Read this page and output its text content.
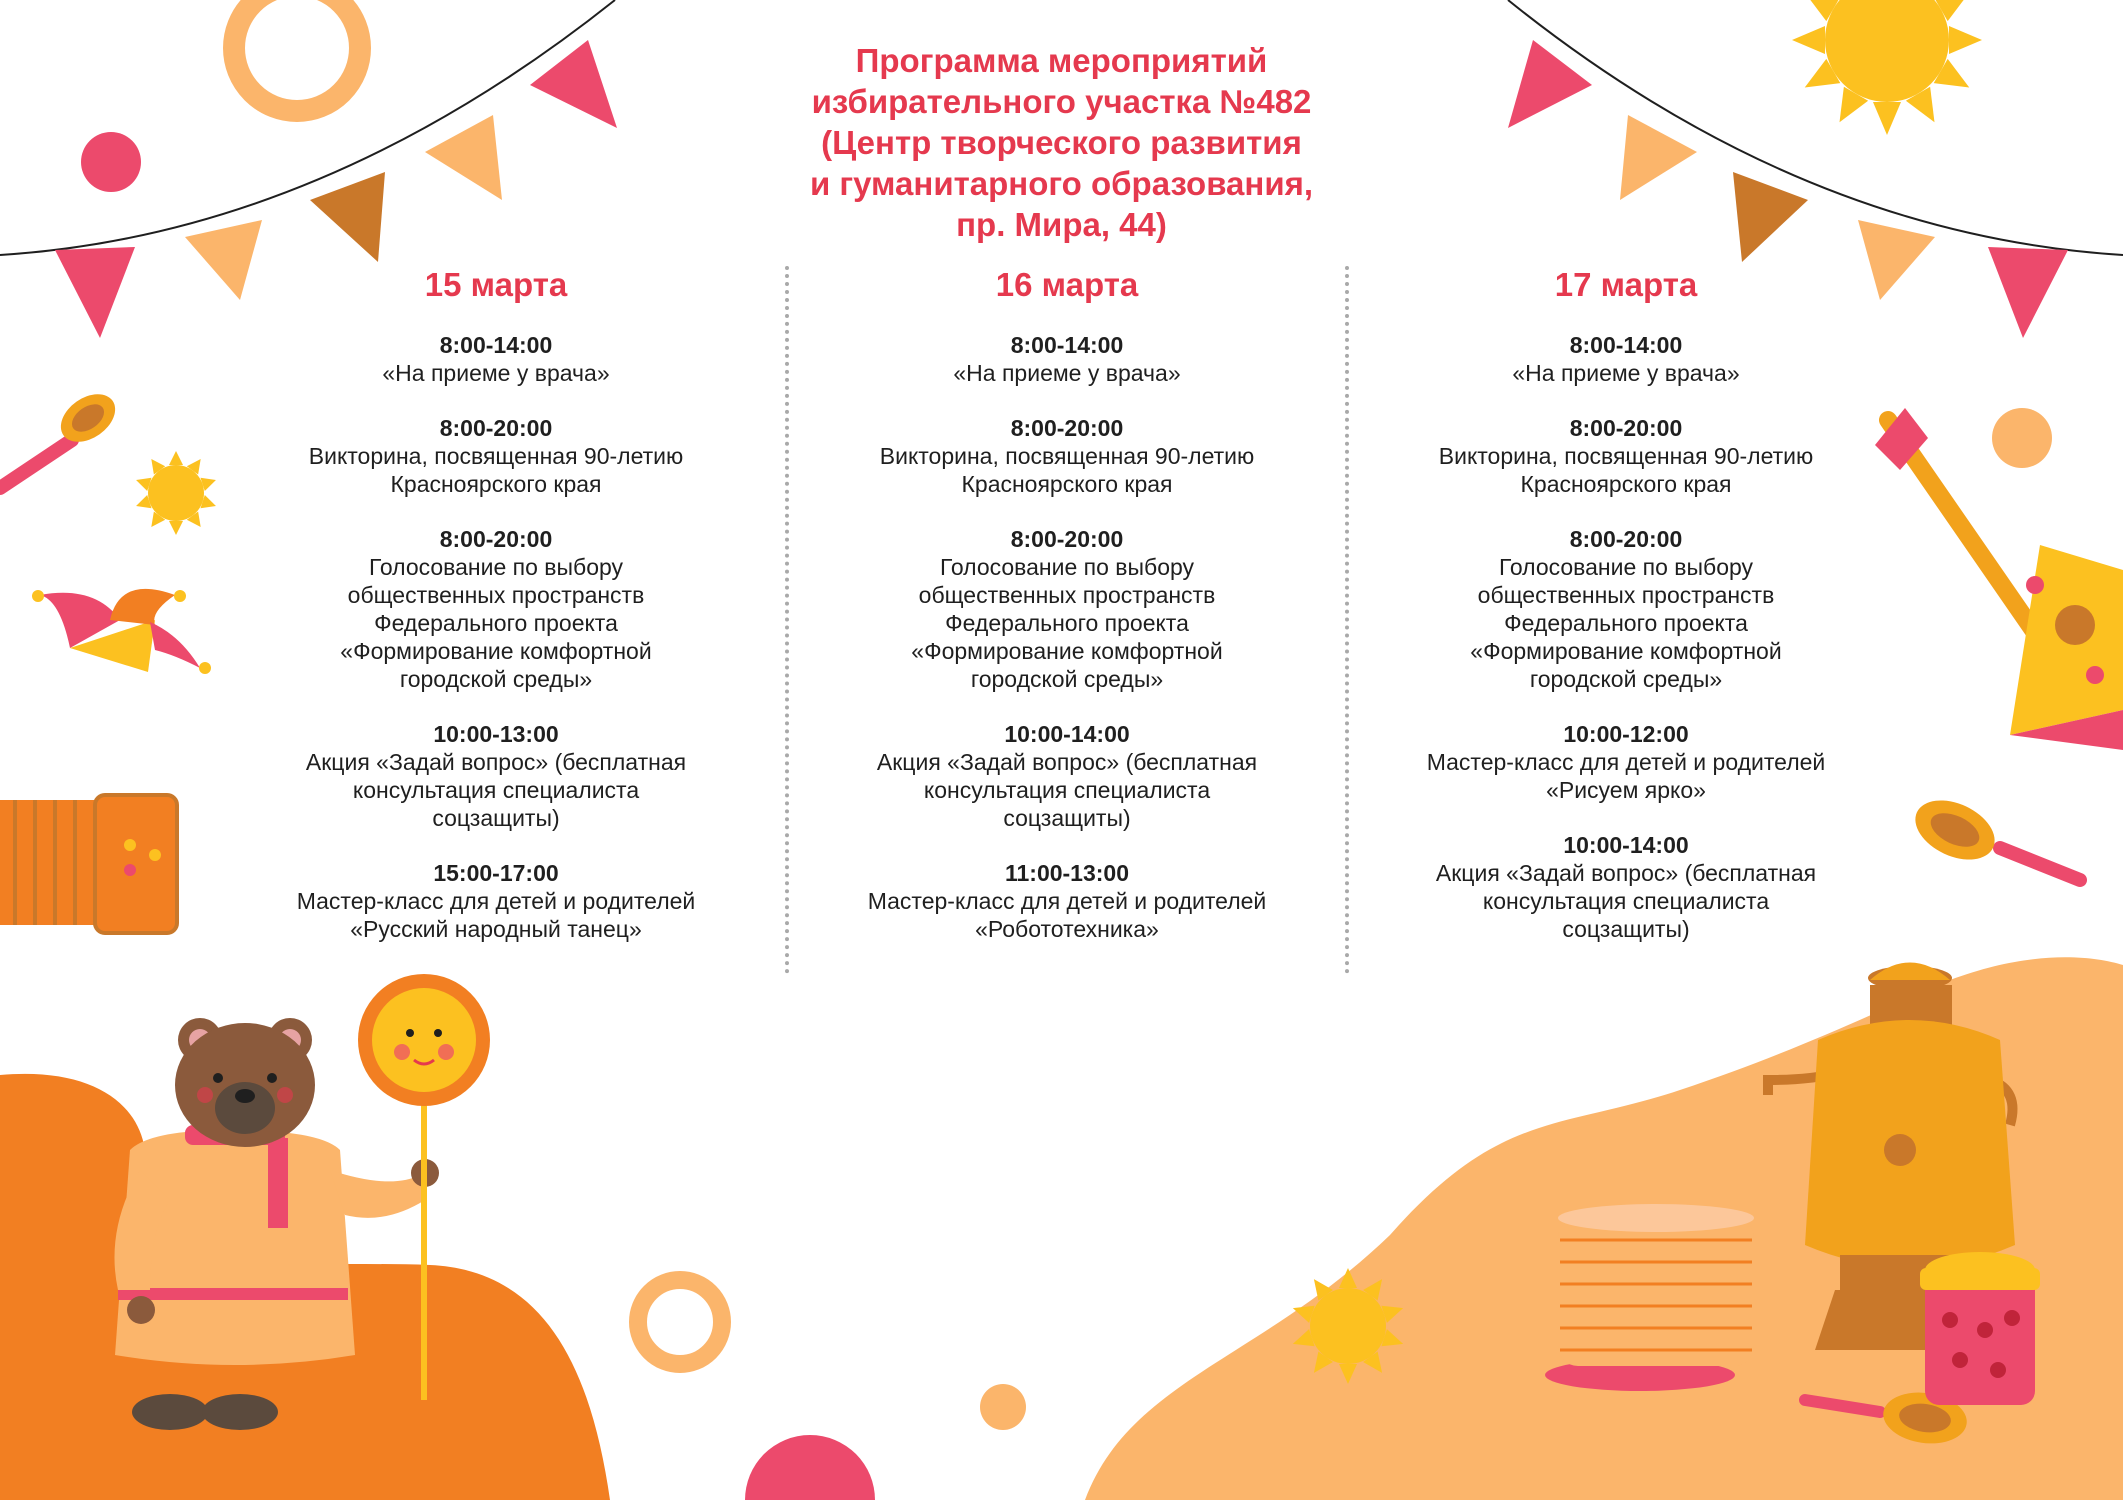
Программа мероприятий
избирательного участка №482
(Центр творческого развития
и гуманитарного образования,
пр. Мира, 44)
15 марта
8:00-14:00
«На приеме у врача»
8:00-20:00
Викторина, посвященная 90-летию
Красноярского края
8:00-20:00
Голосование по выбору
общественных пространств
Федерального проекта
«Формирование комфортной
городской среды»
10:00-13:00
Акция «Задай вопрос» (бесплатная
консультация специалиста
соцзащиты)
15:00-17:00
Мастер-класс для детей и родителей
«Русский народный танец»
16 марта
8:00-14:00
«На приеме у врача»
8:00-20:00
Викторина, посвященная 90-летию
Красноярского края
8:00-20:00
Голосование по выбору
общественных пространств
Федерального проекта
«Формирование комфортной
городской среды»
10:00-14:00
Акция «Задай вопрос» (бесплатная
консультация специалиста
соцзащиты)
11:00-13:00
Мастер-класс для детей и родителей
«Робототехника»
17 марта
8:00-14:00
«На приеме у врача»
8:00-20:00
Викторина, посвященная 90-летию
Красноярского края
8:00-20:00
Голосование по выбору
общественных пространств
Федерального проекта
«Формирование комфортной
городской среды»
10:00-12:00
Мастер-класс для детей и родителей
«Рисуем ярко»
10:00-14:00
Акция «Задай вопрос» (бесплатная
консультация специалиста
соцзащиты)
